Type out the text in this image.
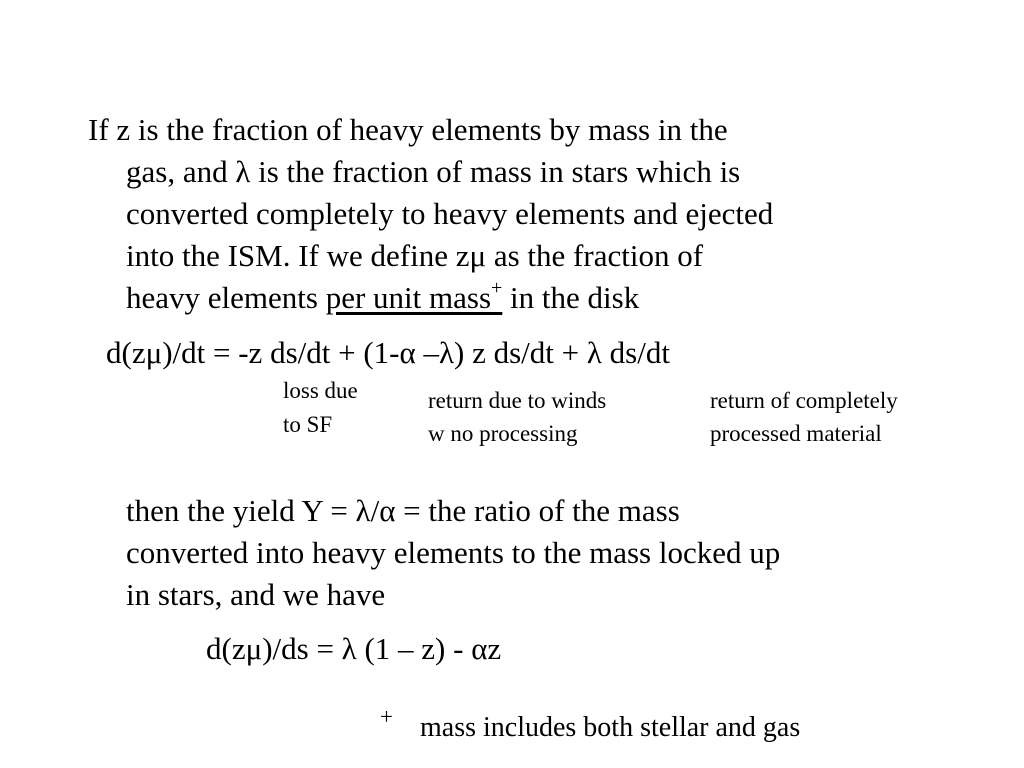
If z is the fraction of heavy elements by mass in the
gas, and λ is the fraction of mass in stars which is
converted completely to heavy elements and ejected
into the ISM. If we define zμ as the fraction of
heavy elements per unit mass+ in the disk
d(zμ)/dt = -z ds/dt + (1-α –λ) z ds/dt + λ ds/dt
loss due
to SF
return due to winds
w no processing
return of completely
processed material
then the yield Y = λ/α = the ratio of the mass
converted into heavy elements to the mass locked up
in stars, and we have
d(zμ)/ds = λ (1 – z) - αz
+ mass includes both stellar and gas
